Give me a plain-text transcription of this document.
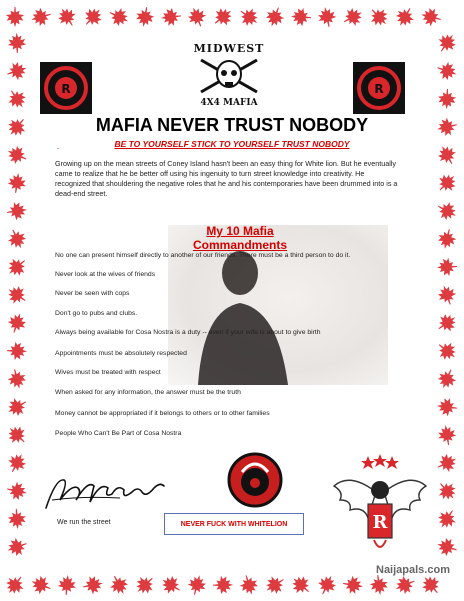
MIDWEST
4X4 MAFIA
R	R
MAFIA NEVER TRUST NOBODY
BE TO YOURSELF STICK TO YOURSELF TRUST NOBODY
-
Growing up on the mean streets of Coney Island hasn't been an easy thing for White lion. But he eventually came to realize that he be better off using his ingenuity to turn street knowledge into creativity. He recognized that shouldering the negative roles that he and his contemporaries have been drummed into is a dead-end street.
My 10 Mafia Commandments
No one can present himself directly to another of our friends. There must be a third person to do it.
Never look at the wives of friends
Never be seen with cops
Don't go to pubs and clubs.
Always being available for Cosa Nostra is a duty -- even if your wife is about to give birth
Appointments must be absolutely respected
Wives must be treated with respect
When asked for any information, the answer must be the truth
Money cannot be appropriated if it belongs to others or to other families
People Who Can't Be Part of Cosa Nostra
R
We run the street	NEVER FUCK WITH WHITELION
Naijapals.com
